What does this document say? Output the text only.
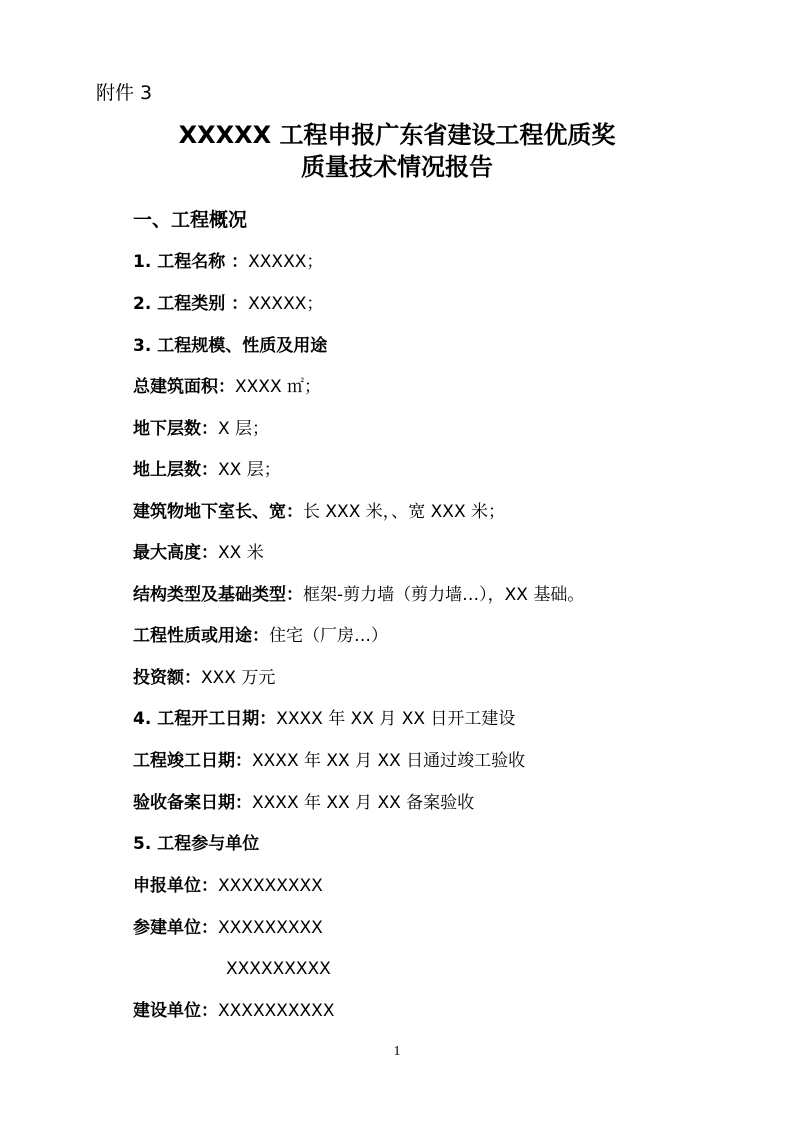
附件 3
XXXXX 工程申报广东省建设工程优质奖
质量技术情况报告
一、工程概况
1. 工程名称 ：XXXXX；
2. 工程类别 ：XXXXX；
3. 工程规模、性质及用途
总建筑面积：XXXX ㎡；
地下层数：X 层；
地上层数：XX 层；
建筑物地下室长、宽：长 XXX 米，、宽 XXX 米；
最大高度：XX 米
结构类型及基础类型：框架-剪力墙（剪力墙…），XX 基础。
工程性质或用途：住宅（厂房…）
投资额：XXX 万元
4. 工程开工日期：XXXX 年 XX 月 XX 日开工建设
工程竣工日期：XXXX 年 XX 月 XX 日通过竣工验收
验收备案日期：XXXX 年 XX 月 XX 备案验收
5. 工程参与单位
申报单位：XXXXXXXXX
参建单位：XXXXXXXXX
XXXXXXXXX
建设单位：XXXXXXXXXX
1
